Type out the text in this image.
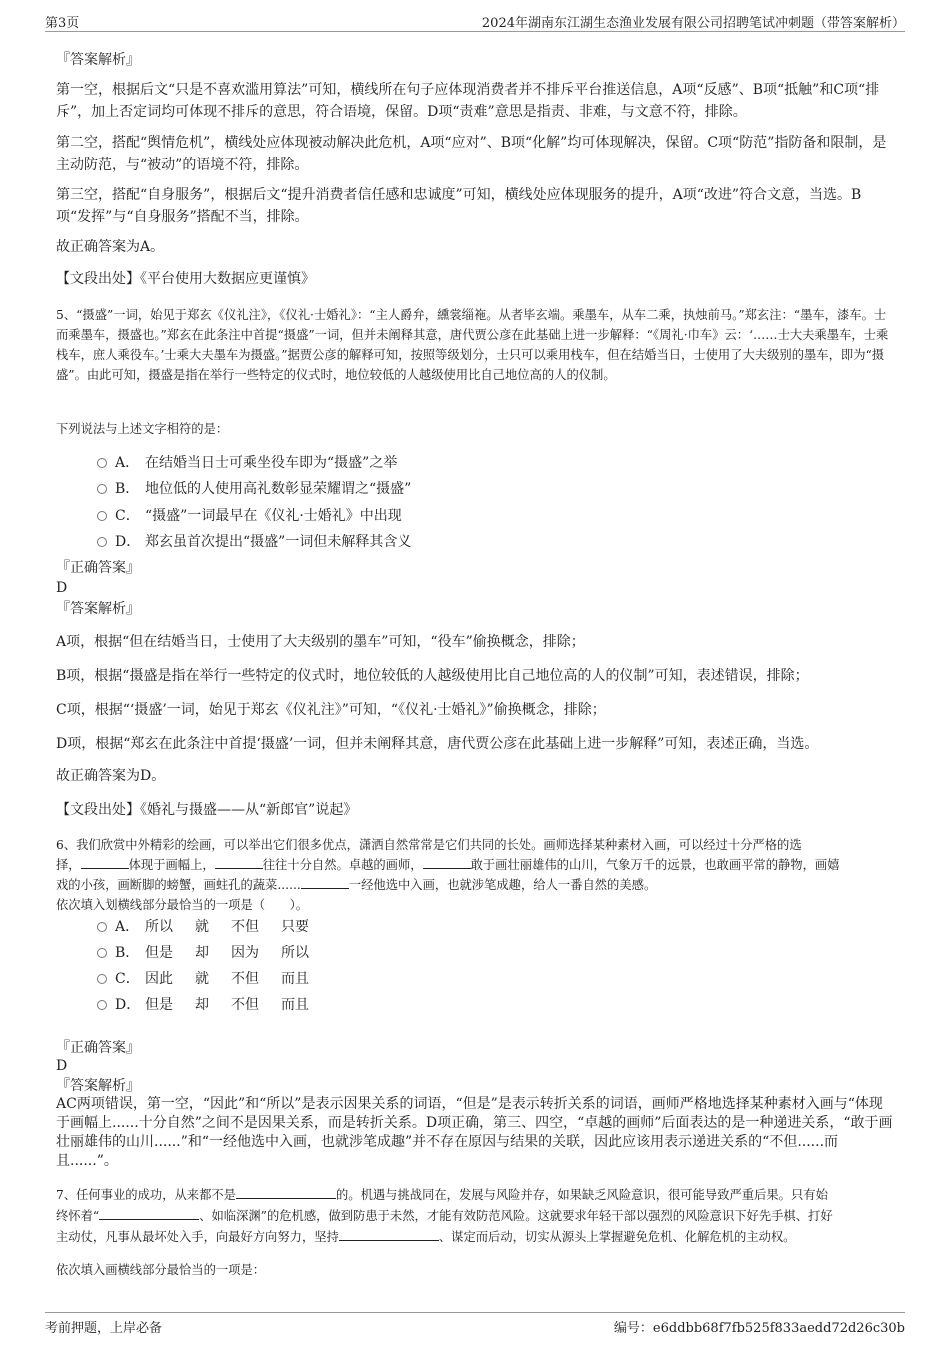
第3页	2024年湖南东江湖生态渔业发展有限公司招聘笔试冲刺题（带答案解析）
『答案解析』
第一空，根据后文“只是不喜欢滥用算法”可知，横线所在句子应体现消费者并不排斥平台推送信息，A项“反感”、B项“抵触”和C项“排斥”，加上否定词均可体现不排斥的意思，符合语境，保留。D项“责难”意思是指责、非难，与文意不符，排除。
第二空，搭配“舆情危机”，横线处应体现被动解决此危机，A项“应对”、B项“化解”均可体现解决，保留。C项“防范”指防备和限制，是主动防范，与“被动”的语境不符，排除。
第三空，搭配“自身服务”，根据后文“提升消费者信任感和忠诚度”可知，横线处应体现服务的提升，A项“改进”符合文意，当选。B项“发挥”与“自身服务”搭配不当，排除。
故正确答案为A。
【文段出处】《平台使用大数据应更谨慎》
5、“摄盛”一词，始见于郑玄《仪礼注》，《仪礼·士婚礼》：“主人爵弁，纁裳缁袘。从者毕玄端。乘墨车，从车二乘，执烛前马。”郑玄注：“墨车，漆车。士而乘墨车，摄盛也。”郑玄在此条注中首提“摄盛”一词，但并未阐释其意，唐代贾公彦在此基础上进一步解释：“《周礼·巾车》云：‘……士大夫乘墨车，士乘栈车，庶人乘役车。’士乘大夫墨车为摄盛。”据贾公彦的解释可知，按照等级划分，士只可以乘用栈车，但在结婚当日，士使用了大夫级别的墨车，即为“摄盛”。由此可知，摄盛是指在举行一些特定的仪式时，地位较低的人越级使用比自己地位高的人的仪制。
下列说法与上述文字相符的是：
A． 在结婚当日士可乘坐役车即为“摄盛”之举
B． 地位低的人使用高礼数彰显荣耀谓之“摄盛”
C． “摄盛”一词最早在《仪礼·士婚礼》中出现
D． 郑玄虽首次提出“摄盛”一词但未解释其含义
『正确答案』
D
『答案解析』
A项，根据“但在结婚当日，士使用了大夫级别的墨车”可知，“役车”偷换概念，排除；
B项，根据“摄盛是指在举行一些特定的仪式时，地位较低的人越级使用比自己地位高的人的仪制”可知，表述错误，排除；
C项，根据“‘摄盛’一词，始见于郑玄《仪礼注》”可知，“《仪礼·士婚礼》”偷换概念，排除；
D项，根据“郑玄在此条注中首提‘摄盛’一词，但并未阐释其意，唐代贾公彦在此基础上进一步解释”可知，表述正确，当选。
故正确答案为D。
【文段出处】《婚礼与摄盛——从“新郎官”说起》
6、我们欣赏中外精彩的绘画，可以举出它们很多优点，潇洒自然常常是它们共同的长处。画师选择某种素材入画，可以经过十分严格的选
择，	体现于画幅上，	往往十分自然。卓越的画师，	敢于画壮丽雄伟的山川，气象万千的远景，也敢画平常的静物，画嬉
戏的小孩，画断脚的螃蟹，画蛀孔的蔬菜......	一经他选中入画，也就涉笔成趣，给人一番自然的美感。
依次填入划横线部分最恰当的一项是（　　）。
A． 所以 就 不但 只要
B． 但是 却 因为 所以
C． 因此 就 不但 而且
D． 但是 却 不但 而且
『正确答案』
D
『答案解析』
AC两项错误，第一空，“因此”和“所以”是表示因果关系的词语，“但是”是表示转折关系的词语，画师严格地选择某种素材入画与“体现于画幅上......十分自然”之间不是因果关系，而是转折关系。D项正确，第三、四空，“卓越的画师”后面表达的是一种递进关系，“敢于画壮丽雄伟的山川......”和“一经他选中入画，也就涉笔成趣”并不存在原因与结果的关联，因此应该用表示递进关系的“不但......而且......”。
7、任何事业的成功，从来都不是	的。机遇与挑战同在，发展与风险并存，如果缺乏风险意识，很可能导致严重后果。只有始
终怀着“	、如临深渊”的危机感，做到防患于未然，才能有效防范风险。这就要求年轻干部以强烈的风险意识下好先手棋、打好
主动仗，凡事从最坏处入手，向最好方向努力，坚持	、谋定而后动，切实从源头上掌握避免危机、化解危机的主动权。
依次填入画横线部分最恰当的一项是：
考前押题，上岸必备	编号：e6ddbb68f7fb525f833aedd72d26c30b
